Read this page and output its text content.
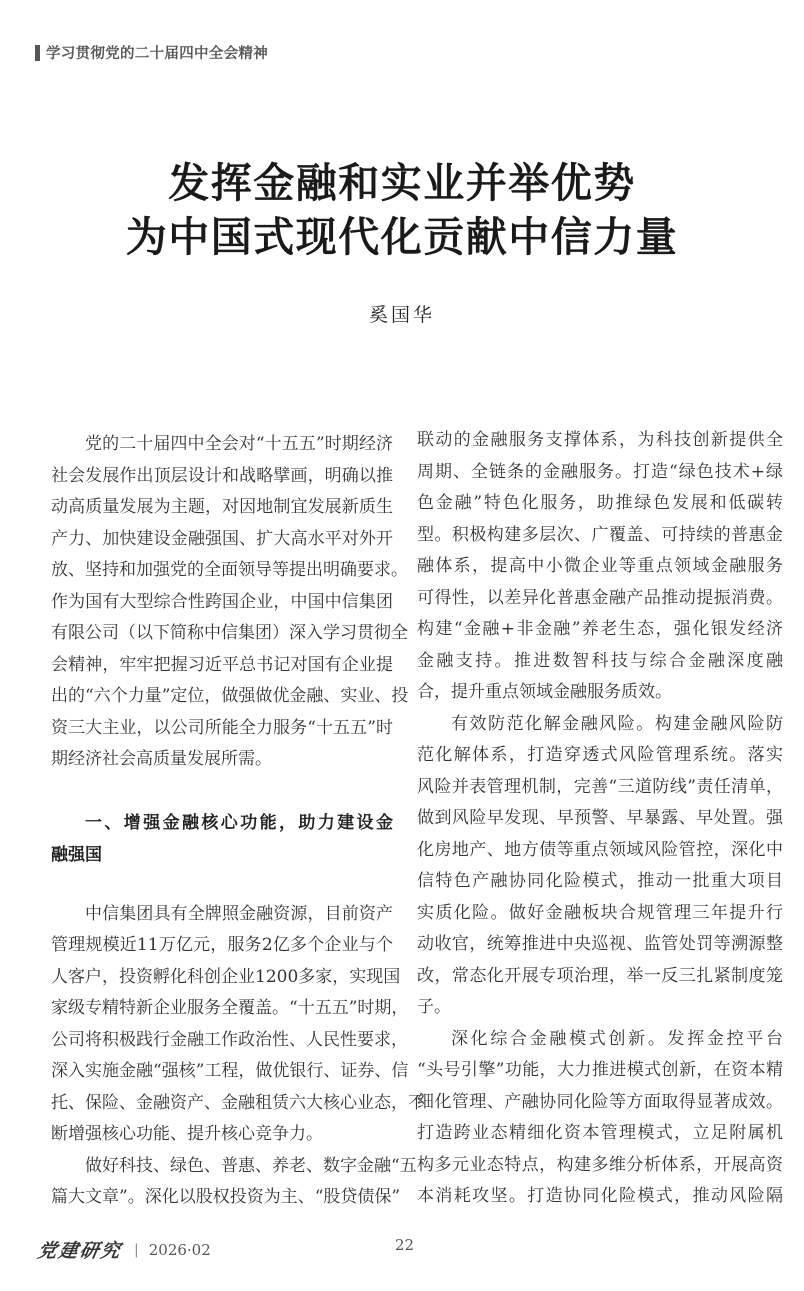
学习贯彻党的二十届四中全会精神
发挥金融和实业并举优势
为中国式现代化贡献中信力量
奚国华
党的二十届四中全会对“十五五”时期经济
社会发展作出顶层设计和战略擘画，明确以推
动高质量发展为主题，对因地制宜发展新质生
产力、加快建设金融强国、扩大高水平对外开
放、坚持和加强党的全面领导等提出明确要求。
作为国有大型综合性跨国企业，中国中信集团
有限公司（以下简称中信集团）深入学习贯彻全
会精神，牢牢把握习近平总书记对国有企业提
出的“六个力量”定位，做强做优金融、实业、投
资三大主业，以公司所能全力服务“十五五”时
期经济社会高质量发展所需。
一、增强金融核心功能，助力建设金
融强国
中信集团具有全牌照金融资源，目前资产
管理规模近11万亿元，服务2亿多个企业与个
人客户，投资孵化科创企业1200多家，实现国
家级专精特新企业服务全覆盖。“十五五”时期，
公司将积极践行金融工作政治性、人民性要求，
深入实施金融“强核”工程，做优银行、证券、信
托、保险、金融资产、金融租赁六大核心业态，不
断增强核心功能、提升核心竞争力。
做好科技、绿色、普惠、养老、数字金融“五
篇大文章”。深化以股权投资为主、“股贷债保”
联动的金融服务支撑体系，为科技创新提供全
周期、全链条的金融服务。打造“绿色技术+绿
色金融”特色化服务，助推绿色发展和低碳转
型。积极构建多层次、广覆盖、可持续的普惠金
融体系，提高中小微企业等重点领域金融服务
可得性，以差异化普惠金融产品推动提振消费。
构建“金融+非金融”养老生态，强化银发经济
金融支持。推进数智科技与综合金融深度融
合，提升重点领域金融服务质效。
有效防范化解金融风险。构建金融风险防
范化解体系，打造穿透式风险管理系统。落实
风险并表管理机制，完善“三道防线”责任清单，
做到风险早发现、早预警、早暴露、早处置。强
化房地产、地方债等重点领域风险管控，深化中
信特色产融协同化险模式，推动一批重大项目
实质化险。做好金融板块合规管理三年提升行
动收官，统筹推进中央巡视、监管处罚等溯源整
改，常态化开展专项治理，举一反三扎紧制度笼
子。
深化综合金融模式创新。发挥金控平台
“头号引擎”功能，大力推进模式创新，在资本精
细化管理、产融协同化险等方面取得显著成效。
打造跨业态精细化资本管理模式，立足附属机
构多元业态特点，构建多维分析体系，开展高资
本消耗攻坚。打造协同化险模式，推动风险隔
党建研究 | 2026·02	22
